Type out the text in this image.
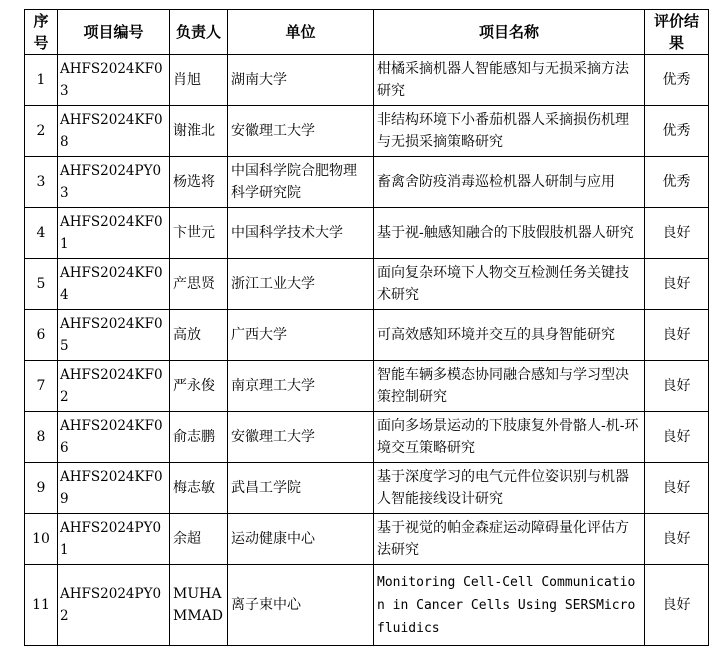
序号	项目编号	负责人	单位	项目名称	评价结果
1	AHFS2024KF03	肖旭	湖南大学	柑橘采摘机器人智能感知与无损采摘方法研究	优秀
2	AHFS2024KF08	谢淮北	安徽理工大学	非结构环境下小番茄机器人采摘损伤机理与无损采摘策略研究	优秀
3	AHFS2024PY03	杨选将	中国科学院合肥物理科学研究院	畜禽舍防疫消毒巡检机器人研制与应用	优秀
4	AHFS2024KF01	卞世元	中国科学技术大学	基于视-触感知融合的下肢假肢机器人研究	良好
5	AHFS2024KF04	产思贤	浙江工业大学	面向复杂环境下人物交互检测任务关键技术研究	良好
6	AHFS2024KF05	高放	广西大学	可高效感知环境并交互的具身智能研究	良好
7	AHFS2024KF02	严永俊	南京理工大学	智能车辆多模态协同融合感知与学习型决策控制研究	良好
8	AHFS2024KF06	俞志鹏	安徽理工大学	面向多场景运动的下肢康复外骨骼人-机-环境交互策略研究	良好
9	AHFS2024KF09	梅志敏	武昌工学院	基于深度学习的电气元件位姿识别与机器人智能接线设计研究	良好
10	AHFS2024PY01	余超	运动健康中心	基于视觉的帕金森症运动障碍量化评估方法研究	良好
11	AHFS2024PY02	MUHAMMAD	离子束中心	Monitoring Cell-Cell Communication in Cancer Cells Using SERSMicrofluidics	良好
